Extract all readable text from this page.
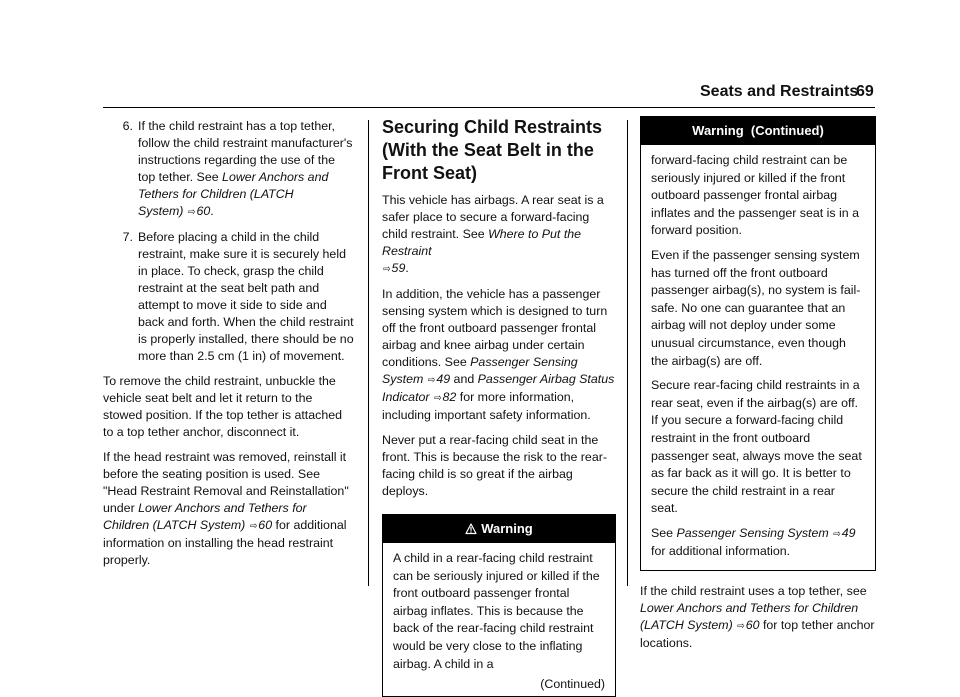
Seats and Restraints
69
6. If the child restraint has a top tether, follow the child restraint manufacturer's instructions regarding the use of the top tether. See Lower Anchors and Tethers for Children (LATCH System) ⇨60.
7. Before placing a child in the child restraint, make sure it is securely held in place. To check, grasp the child restraint at the seat belt path and attempt to move it side to side and back and forth. When the child restraint is properly installed, there should be no more than 2.5 cm (1 in) of movement.

To remove the child restraint, unbuckle the vehicle seat belt and let it return to the stowed position. If the top tether is attached to a top tether anchor, disconnect it.

If the head restraint was removed, reinstall it before the seating position is used. See "Head Restraint Removal and Reinstallation" under Lower Anchors and Tethers for Children (LATCH System) ⇨60 for additional information on installing the head restraint properly.

Securing Child Restraints (With the Seat Belt in the Front Seat)

This vehicle has airbags. A rear seat is a safer place to secure a forward-facing child restraint. See Where to Put the Restraint
⇨59.

In addition, the vehicle has a passenger sensing system which is designed to turn off the front outboard passenger frontal airbag and knee airbag under certain conditions. See Passenger Sensing System ⇨49 and Passenger Airbag Status Indicator ⇨82 for more information, including important safety information.

Never put a rear-facing child seat in the front. This is because the risk to the rear-facing child is so great if the airbag deploys.

Warning

A child in a rear-facing child restraint can be seriously injured or killed if the front outboard passenger frontal airbag inflates. This is because the back of the rear-facing child restraint would be very close to the inflating airbag. A child in a

(Continued)
Warning  (Continued)

forward-facing child restraint can be seriously injured or killed if the front outboard passenger frontal airbag inflates and the passenger seat is in a forward position.

Even if the passenger sensing system has turned off the front outboard passenger airbag(s), no system is fail-safe. No one can guarantee that an airbag will not deploy under some unusual circumstance, even though the airbag(s) are off.

Secure rear-facing child restraints in a rear seat, even if the airbag(s) are off. If you secure a forward-facing child restraint in the front outboard passenger seat, always move the seat as far back as it will go. It is better to secure the child restraint in a rear seat.

See Passenger Sensing System ⇨49 for additional information.

If the child restraint uses a top tether, see Lower Anchors and Tethers for Children (LATCH System) ⇨60 for top tether anchor locations.
